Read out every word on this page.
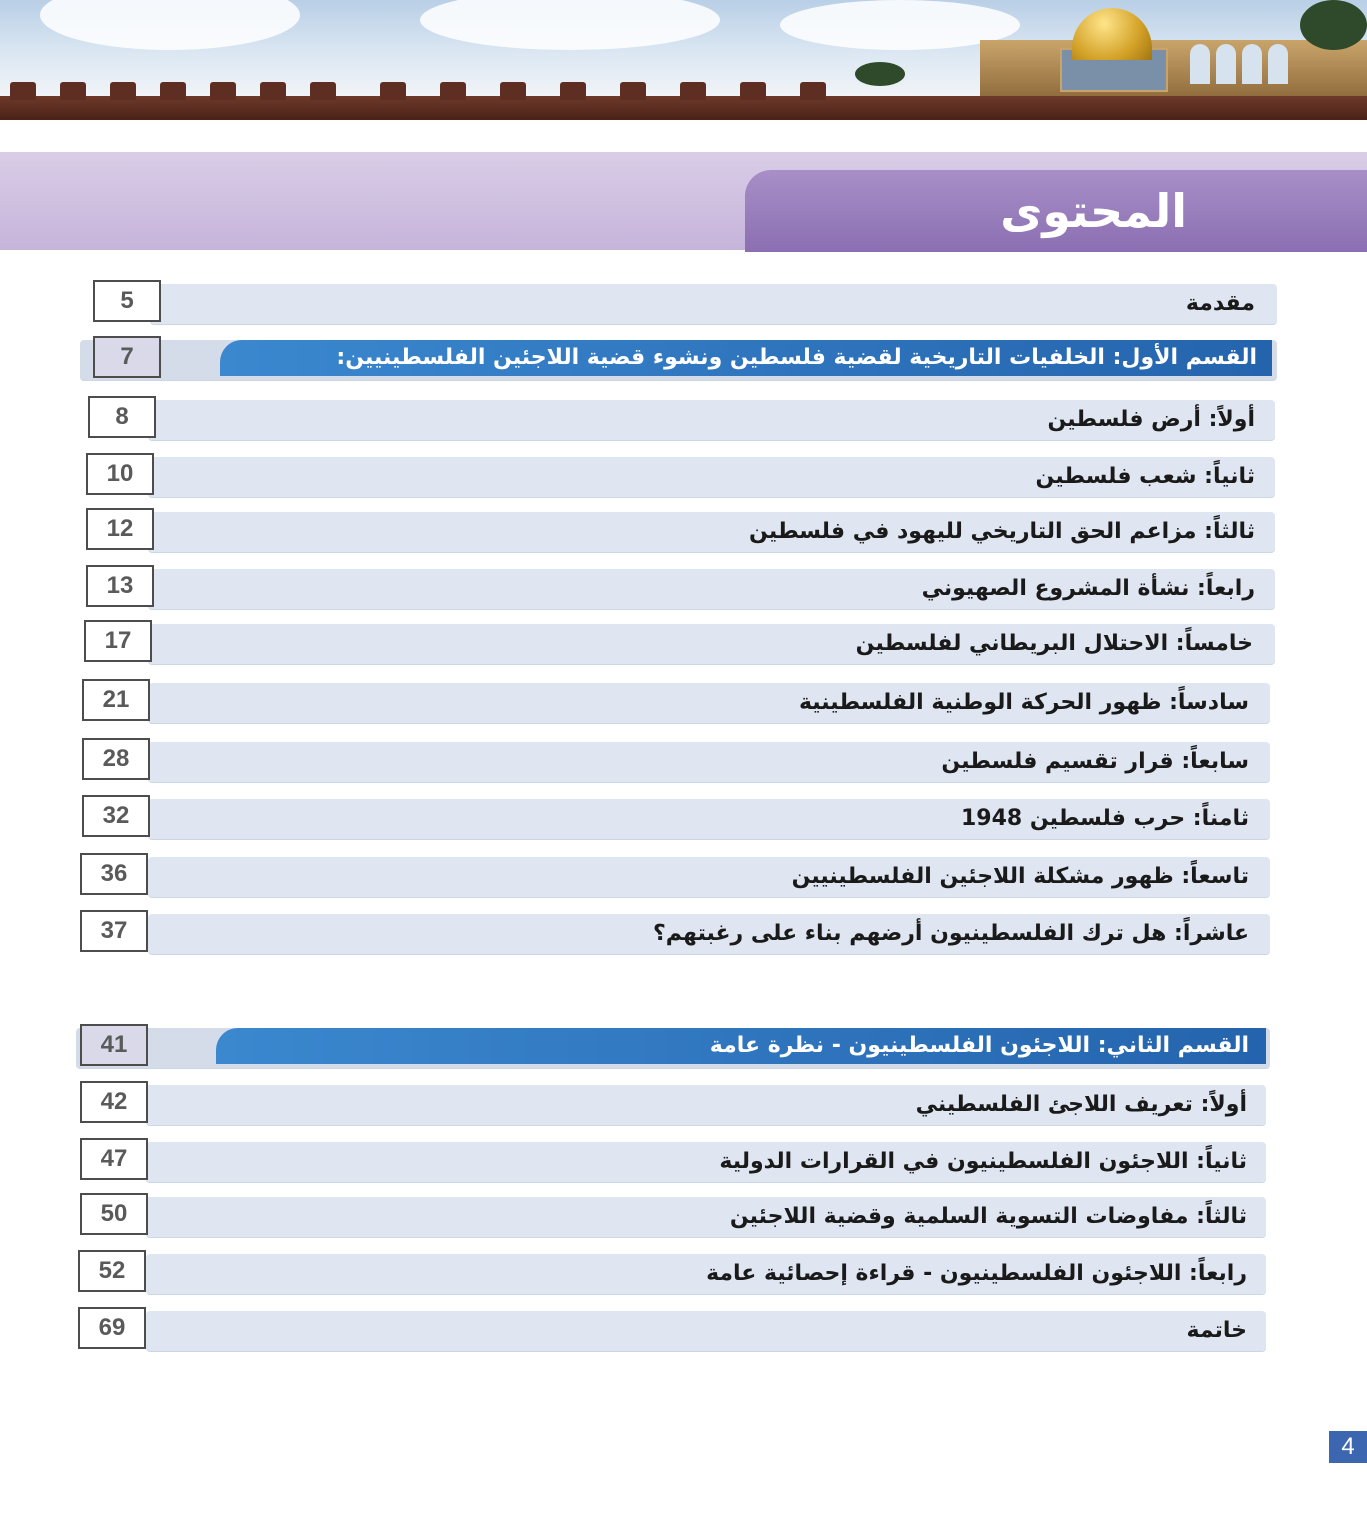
المحتوى
مقدمة
5
القسم الأول: الخلفيات التاريخية لقضية فلسطين ونشوء قضية اللاجئين الفلسطينيين:
7
أولاً: أرض فلسطين
8
ثانياً: شعب فلسطين
10
ثالثاً: مزاعم الحق التاريخي لليهود في فلسطين
12
رابعاً: نشأة المشروع الصهيوني
13
خامساً: الاحتلال البريطاني لفلسطين
17
سادساً: ظهور الحركة الوطنية الفلسطينية
21
سابعاً: قرار تقسيم فلسطين
28
ثامناً: حرب فلسطين 1948
32
تاسعاً: ظهور مشكلة اللاجئين الفلسطينيين
36
عاشراً: هل ترك الفلسطينيون أرضهم بناء على رغبتهم؟
37
القسم الثاني: اللاجئون الفلسطينيون - نظرة عامة
41
أولاً: تعريف اللاجئ الفلسطيني
42
ثانياً: اللاجئون الفلسطينيون في القرارات الدولية
47
ثالثاً: مفاوضات التسوية السلمية وقضية اللاجئين
50
رابعاً: اللاجئون الفلسطينيون - قراءة إحصائية عامة
52
خاتمة
69
4
